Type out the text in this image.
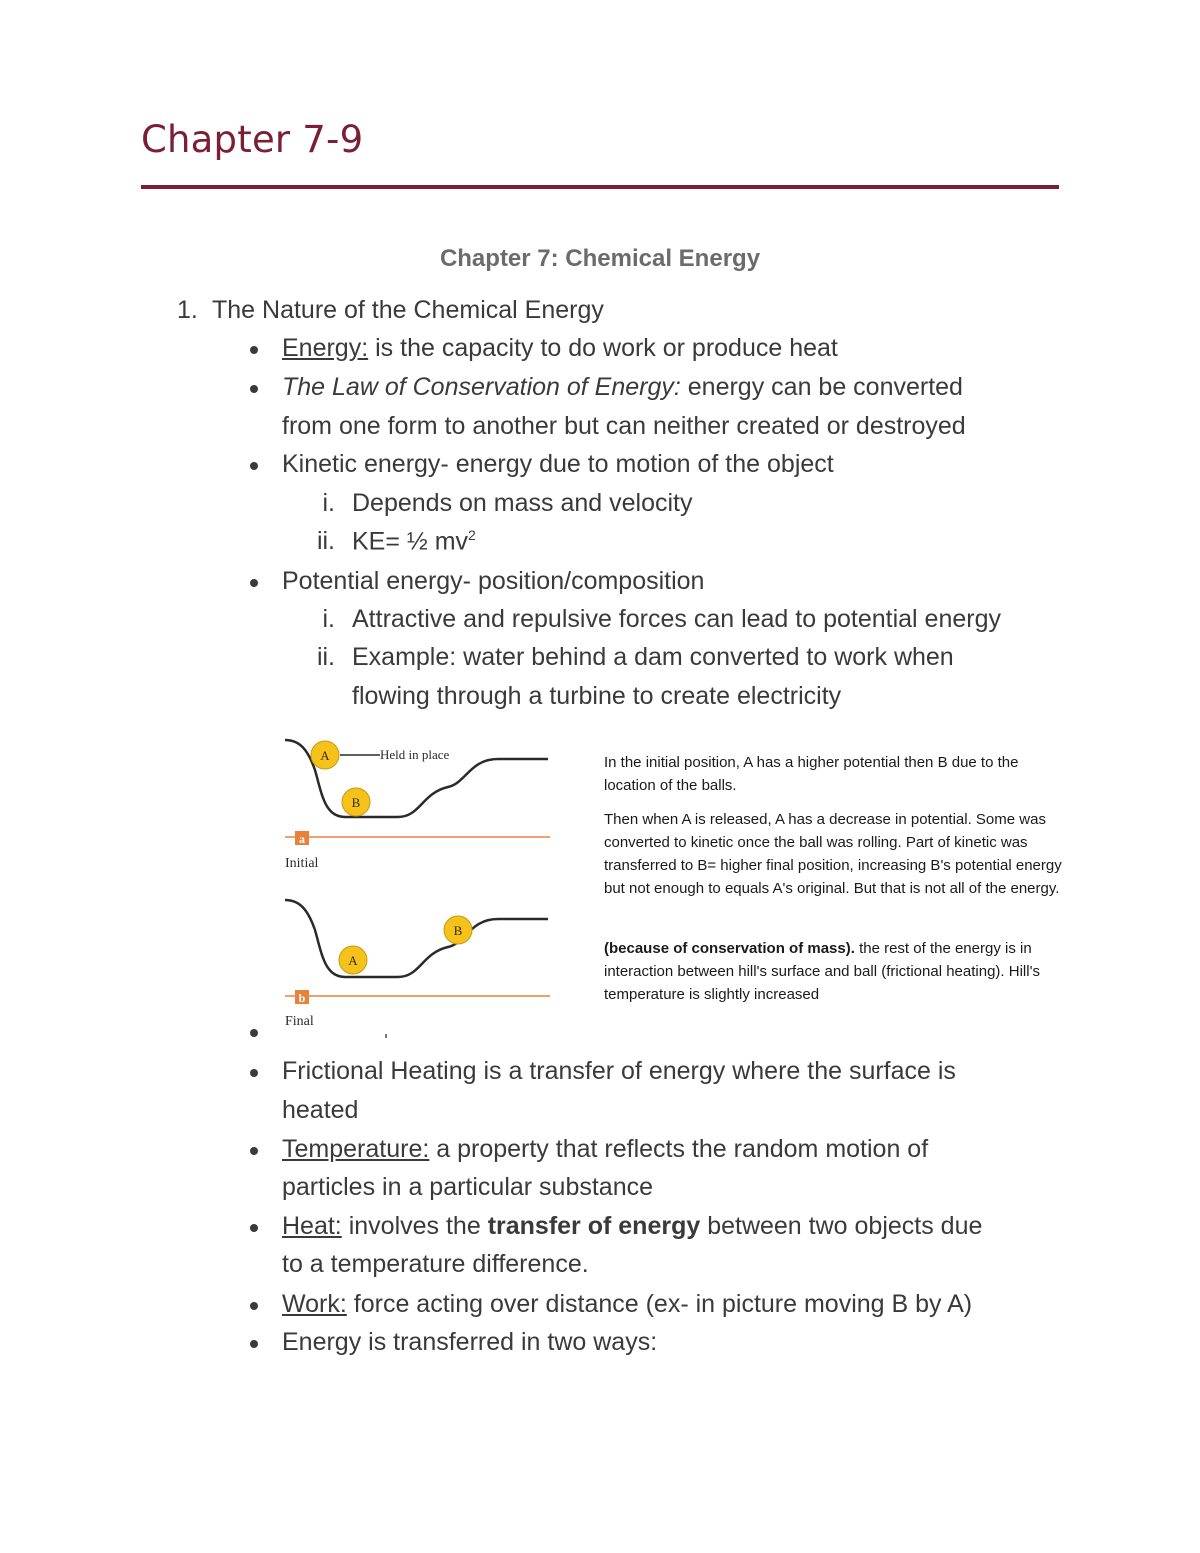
Chapter 7-9
Chapter 7: Chemical Energy
1. The Nature of the Chemical Energy
Energy: is the capacity to do work or produce heat
The Law of Conservation of Energy: energy can be converted
from one form to another but can neither created or destroyed
Kinetic energy- energy due to motion of the object
i. Depends on mass and velocity
ii. KE= ½ $mv^2$
Potential energy- position/composition
i. Attractive and repulsive forces can lead to potential energy
ii. Example: water behind a dam converted to work when
flowing through a turbine to create electricity
Held in place
A
B
a
Initial
A
B
b
Final
In the initial position, A has a higher potential then B due to the location of the balls.
Then when A is released, A has a decrease in potential. Some was converted to kinetic once the ball was rolling. Part of kinetic was transferred to B= higher final position, increasing B's potential energy but not enough to equals A's original. But that is not all of the energy.
(because of conservation of mass). the rest of the energy is in interaction between hill's surface and ball (frictional heating). Hill's temperature is slightly increased
Frictional Heating is a transfer of energy where the surface is
heated
Temperature: a property that reflects the random motion of
particles in a particular substance
Heat: involves the transfer of energy between two objects due
to a temperature difference.
Work: force acting over distance (ex- in picture moving B by A)
Energy is transferred in two ways:
